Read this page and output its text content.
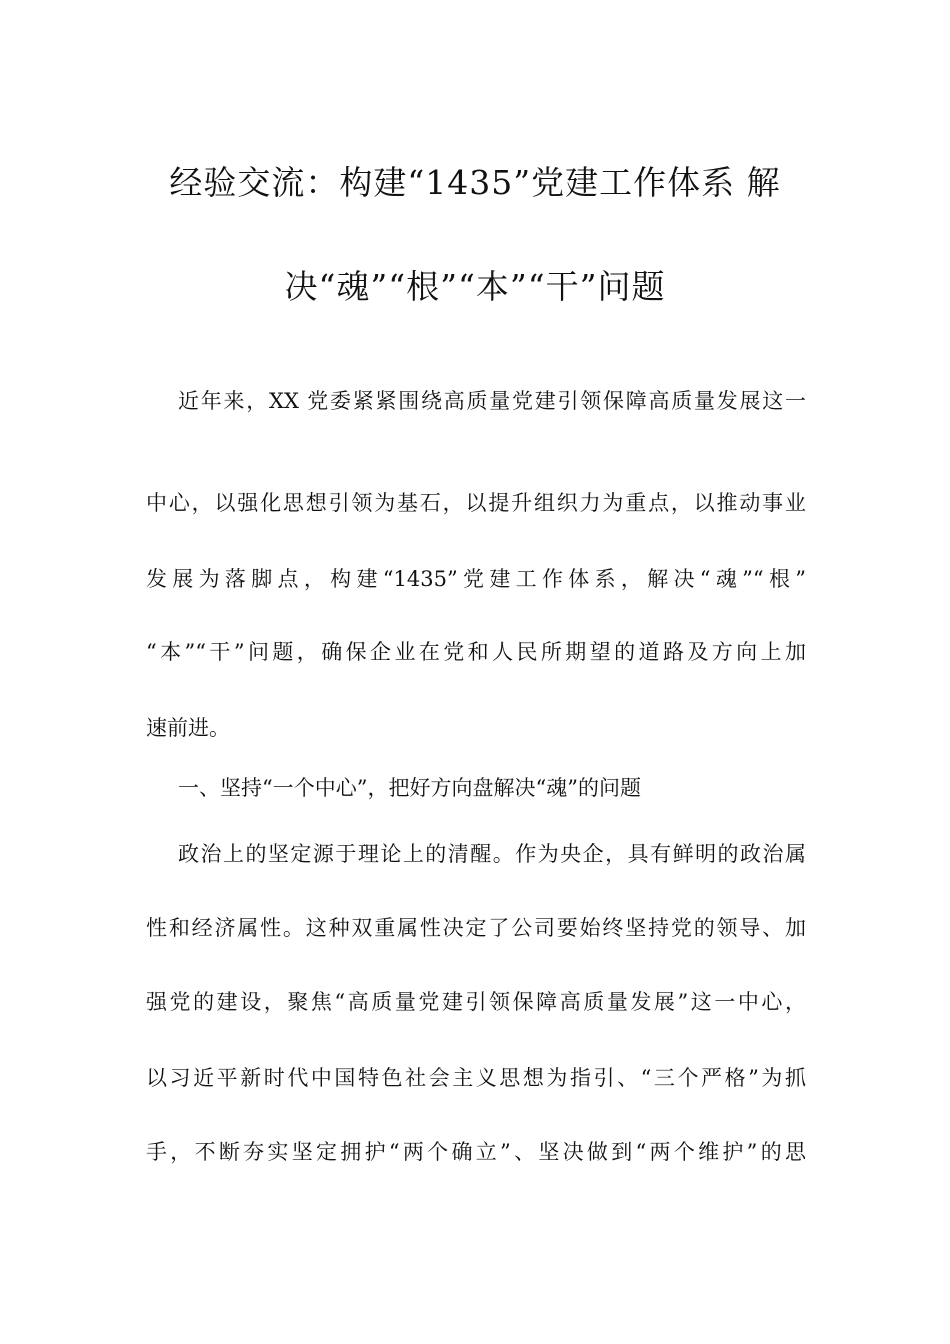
经验交流：构建“1435”党建工作体系 解
决“魂”“根”“本”“干”问题
近年来，XX 党委紧紧围绕高质量党建引领保障高质量发展这一
中心，以强化思想引领为基石，以提升组织力为重点，以推动事业
发展为落脚点，构建“1435”党建工作体系，解决“魂”“根”
“本”“干”问题，确保企业在党和人民所期望的道路及方向上加
速前进。
一、坚持“一个中心”，把好方向盘解决“魂”的问题
政治上的坚定源于理论上的清醒。作为央企，具有鲜明的政治属
性和经济属性。这种双重属性决定了公司要始终坚持党的领导、加
强党的建设，聚焦“高质量党建引领保障高质量发展”这一中心，
以习近平新时代中国特色社会主义思想为指引、“三个严格”为抓
手，不断夯实坚定拥护“两个确立”、坚决做到“两个维护”的思
